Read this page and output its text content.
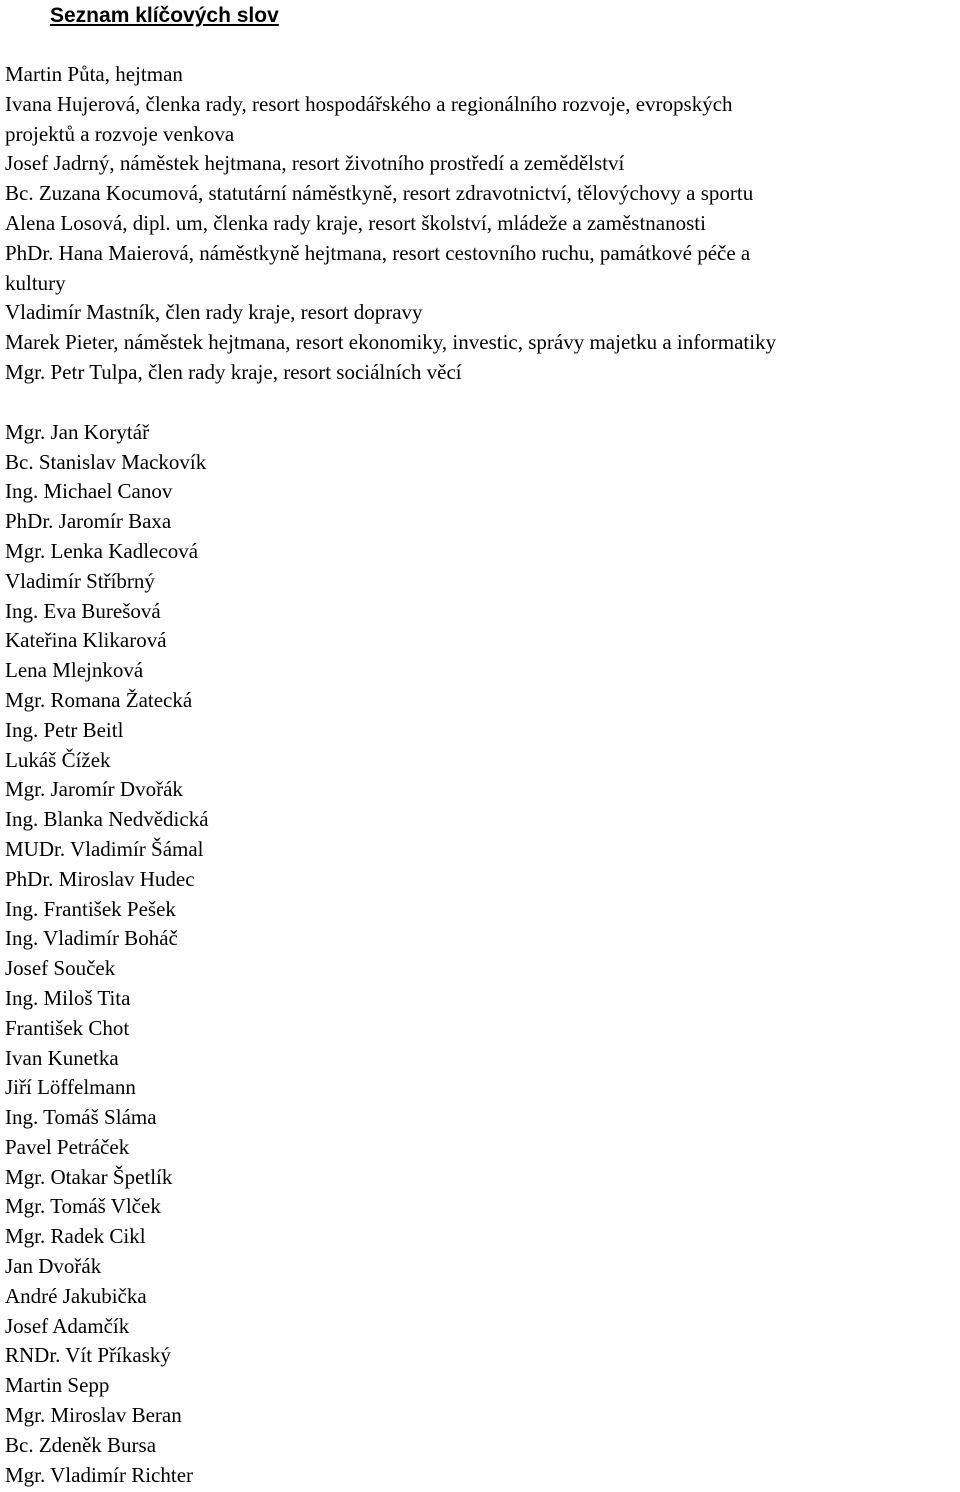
Seznam klíčových slov
Martin Půta, hejtman
Ivana Hujerová, členka rady, resort hospodářského a regionálního rozvoje, evropských
projektů a rozvoje venkova
Josef Jadrný, náměstek hejtmana, resort životního prostředí a zemědělství
Bc. Zuzana Kocumová, statutární náměstkyně, resort zdravotnictví, tělovýchovy a sportu
Alena Losová, dipl. um, členka rady kraje, resort školství, mládeže a zaměstnanosti
PhDr. Hana Maierová, náměstkyně hejtmana, resort cestovního ruchu, památkové péče a
kultury
Vladimír Mastník, člen rady kraje, resort dopravy
Marek Pieter, náměstek hejtmana, resort ekonomiky, investic, správy majetku a informatiky
Mgr. Petr Tulpa, člen rady kraje, resort sociálních věcí
Mgr. Jan Korytář
Bc. Stanislav Mackovík
Ing. Michael Canov
PhDr. Jaromír Baxa
Mgr. Lenka Kadlecová
Vladimír Stříbrný
Ing. Eva Burešová
Kateřina Klikarová
Lena Mlejnková
Mgr. Romana Žatecká
Ing. Petr Beitl
Lukáš Čížek
Mgr. Jaromír Dvořák
Ing. Blanka Nedvědická
MUDr. Vladimír Šámal
PhDr. Miroslav Hudec
Ing. František Pešek
Ing. Vladimír Boháč
Josef Souček
Ing. Miloš Tita
František Chot
Ivan Kunetka
Jiří Löffelmann
Ing. Tomáš Sláma
Pavel Petráček
Mgr. Otakar Špetlík
Mgr. Tomáš Vlček
Mgr. Radek Cikl
Jan Dvořák
André Jakubička
Josef Adamčík
RNDr. Vít Příkaský
Martin Sepp
Mgr. Miroslav Beran
Bc. Zdeněk Bursa
Mgr. Vladimír Richter
